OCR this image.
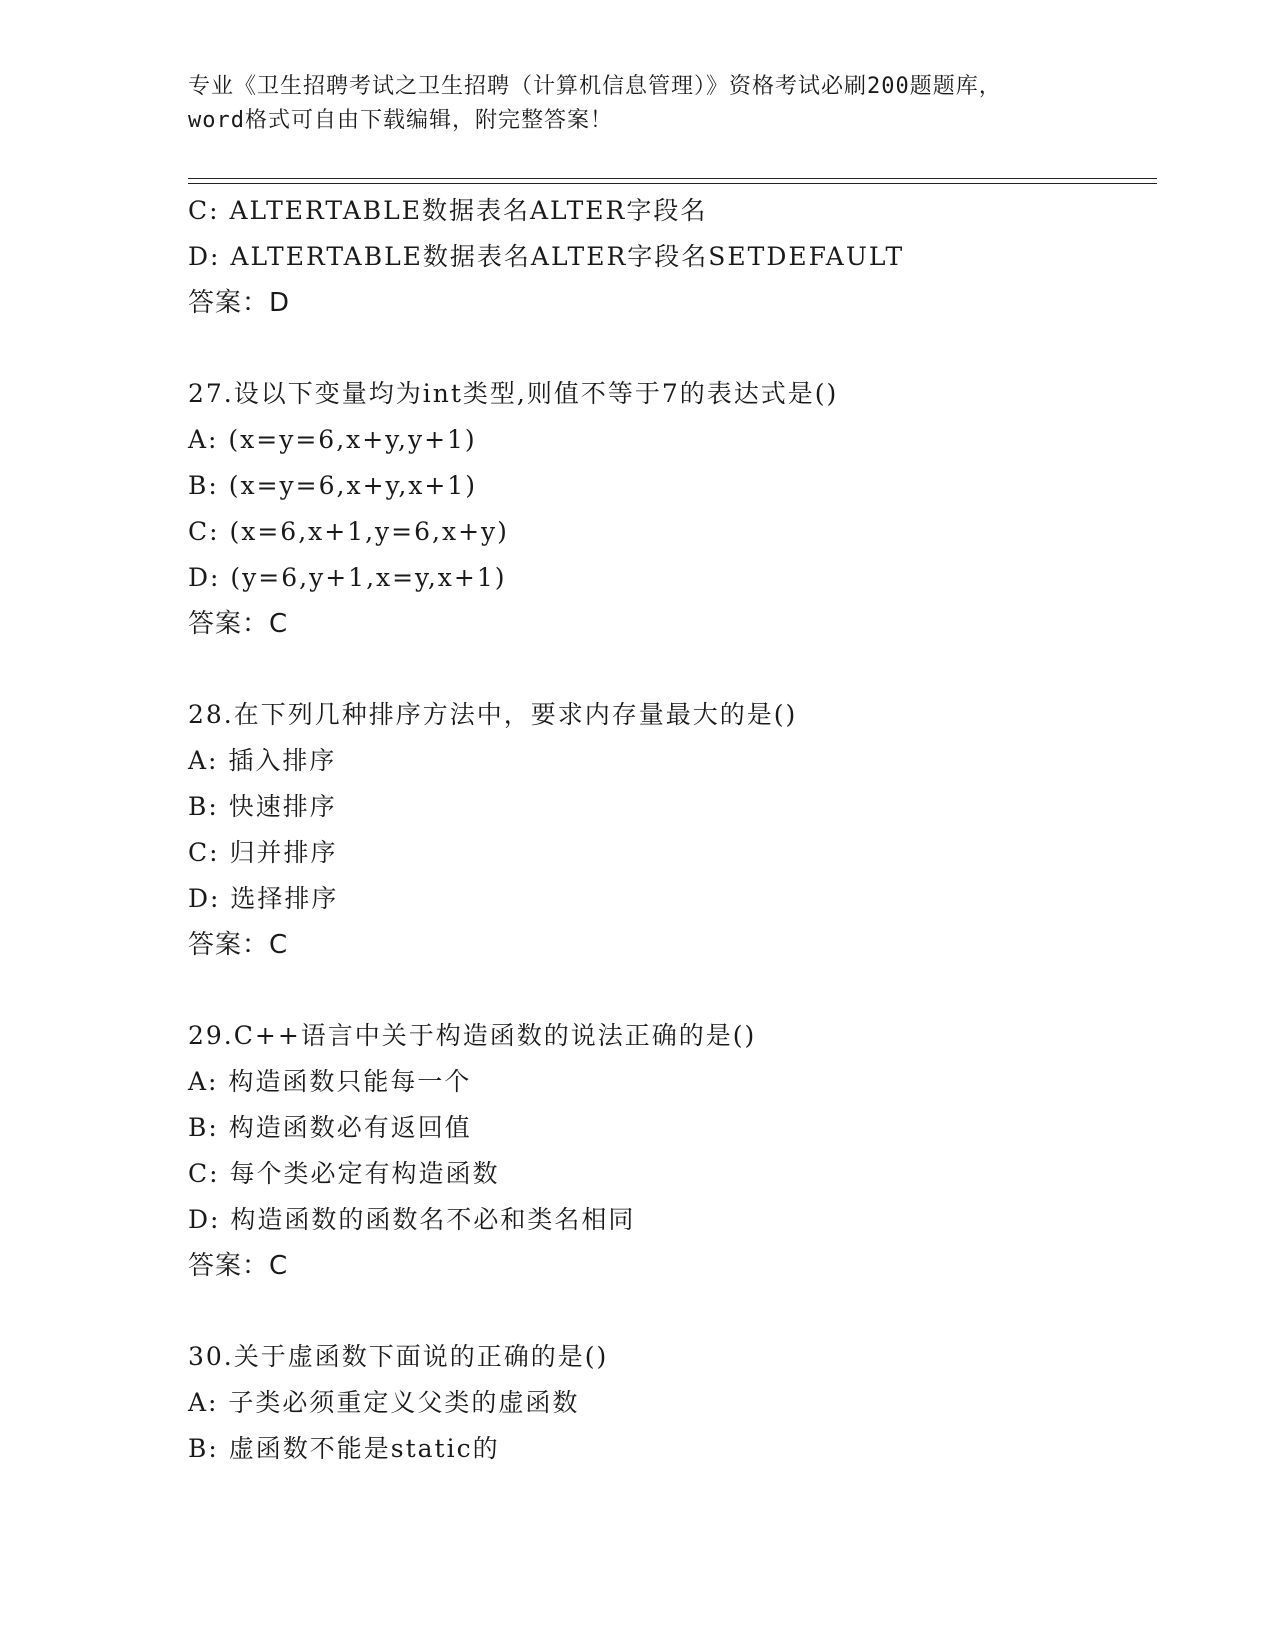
专业《卫生招聘考试之卫生招聘（计算机信息管理）》资格考试必刷200题题库，
word格式可自由下载编辑，附完整答案！
C: ALTERTABLE数据表名ALTER字段名
D: ALTERTABLE数据表名ALTER字段名SETDEFAULT
答案：D
27.设以下变量均为int类型,则值不等于7的表达式是()
A: (x=y=6,x+y,y+1)
B: (x=y=6,x+y,x+1)
C: (x=6,x+1,y=6,x+y)
D: (y=6,y+1,x=y,x+1)
答案：C
28.在下列几种排序方法中，要求内存量最大的是()
A: 插入排序
B: 快速排序
C: 归并排序
D: 选择排序
答案：C
29.C++语言中关于构造函数的说法正确的是()
A: 构造函数只能每一个
B: 构造函数必有返回值
C: 每个类必定有构造函数
D: 构造函数的函数名不必和类名相同
答案：C
30.关于虚函数下面说的正确的是()
A: 子类必须重定义父类的虚函数
B: 虚函数不能是static的
